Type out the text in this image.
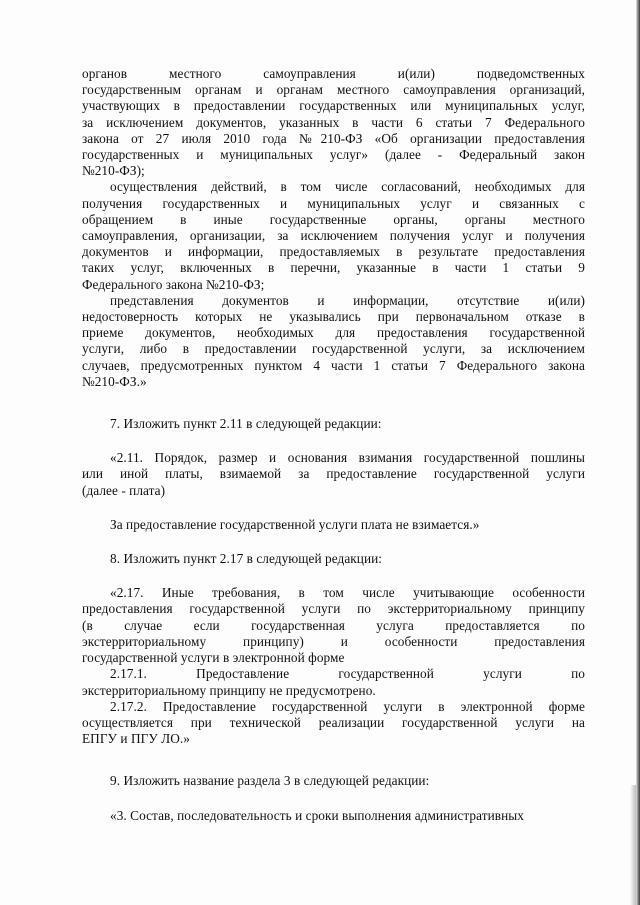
органов местного самоуправления и(или) подведомственных
государственным органам и органам местного самоуправления организаций,
участвующих в предоставлении государственных или муниципальных услуг,
за исключением документов, указанных в части 6 статьи 7 Федерального
закона от 27 июля 2010 года №210-ФЗ «Об организации предоставления
государственных и муниципальных услуг» (далее - Федеральный закон
№210-ФЗ);
осуществления действий, в том числе согласований, необходимых для
получения государственных и муниципальных услуг и связанных с
обращением в иные государственные органы, органы местного
самоуправления, организации, за исключением получения услуг и получения
документов и информации, предоставляемых в результате предоставления
таких услуг, включенных в перечни, указанные в части 1 статьи 9
Федерального закона №210-ФЗ;
представления документов и информации, отсутствие и(или)
недостоверность которых не указывались при первоначальном отказе в
приеме документов, необходимых для предоставления государственной
услуги, либо в предоставлении государственной услуги, за исключением
случаев, предусмотренных пунктом 4 части 1 статьи 7 Федерального закона
№210-ФЗ.»

7. Изложить пункт 2.11 в следующей редакции:

«2.11. Порядок, размер и основания взимания государственной пошлины
или иной платы, взимаемой за предоставление государственной услуги
(далее - плата)

За предоставление государственной услуги плата не взимается.»

8. Изложить пункт 2.17 в следующей редакции:

«2.17. Иные требования, в том числе учитывающие особенности
предоставления государственной услуги по экстерриториальному принципу
(в случае если государственная услуга предоставляется по
экстерриториальному принципу) и особенности предоставления
государственной услуги в электронной форме
2.17.1. Предоставление государственной услуги по
экстерриториальному принципу не предусмотрено.
2.17.2. Предоставление государственной услуги в электронной форме
осуществляется при технической реализации государственной услуги на
ЕПГУ и ПГУ ЛО.»

9. Изложить название раздела 3 в следующей редакции:

«3. Состав, последовательность и сроки выполнения административных
